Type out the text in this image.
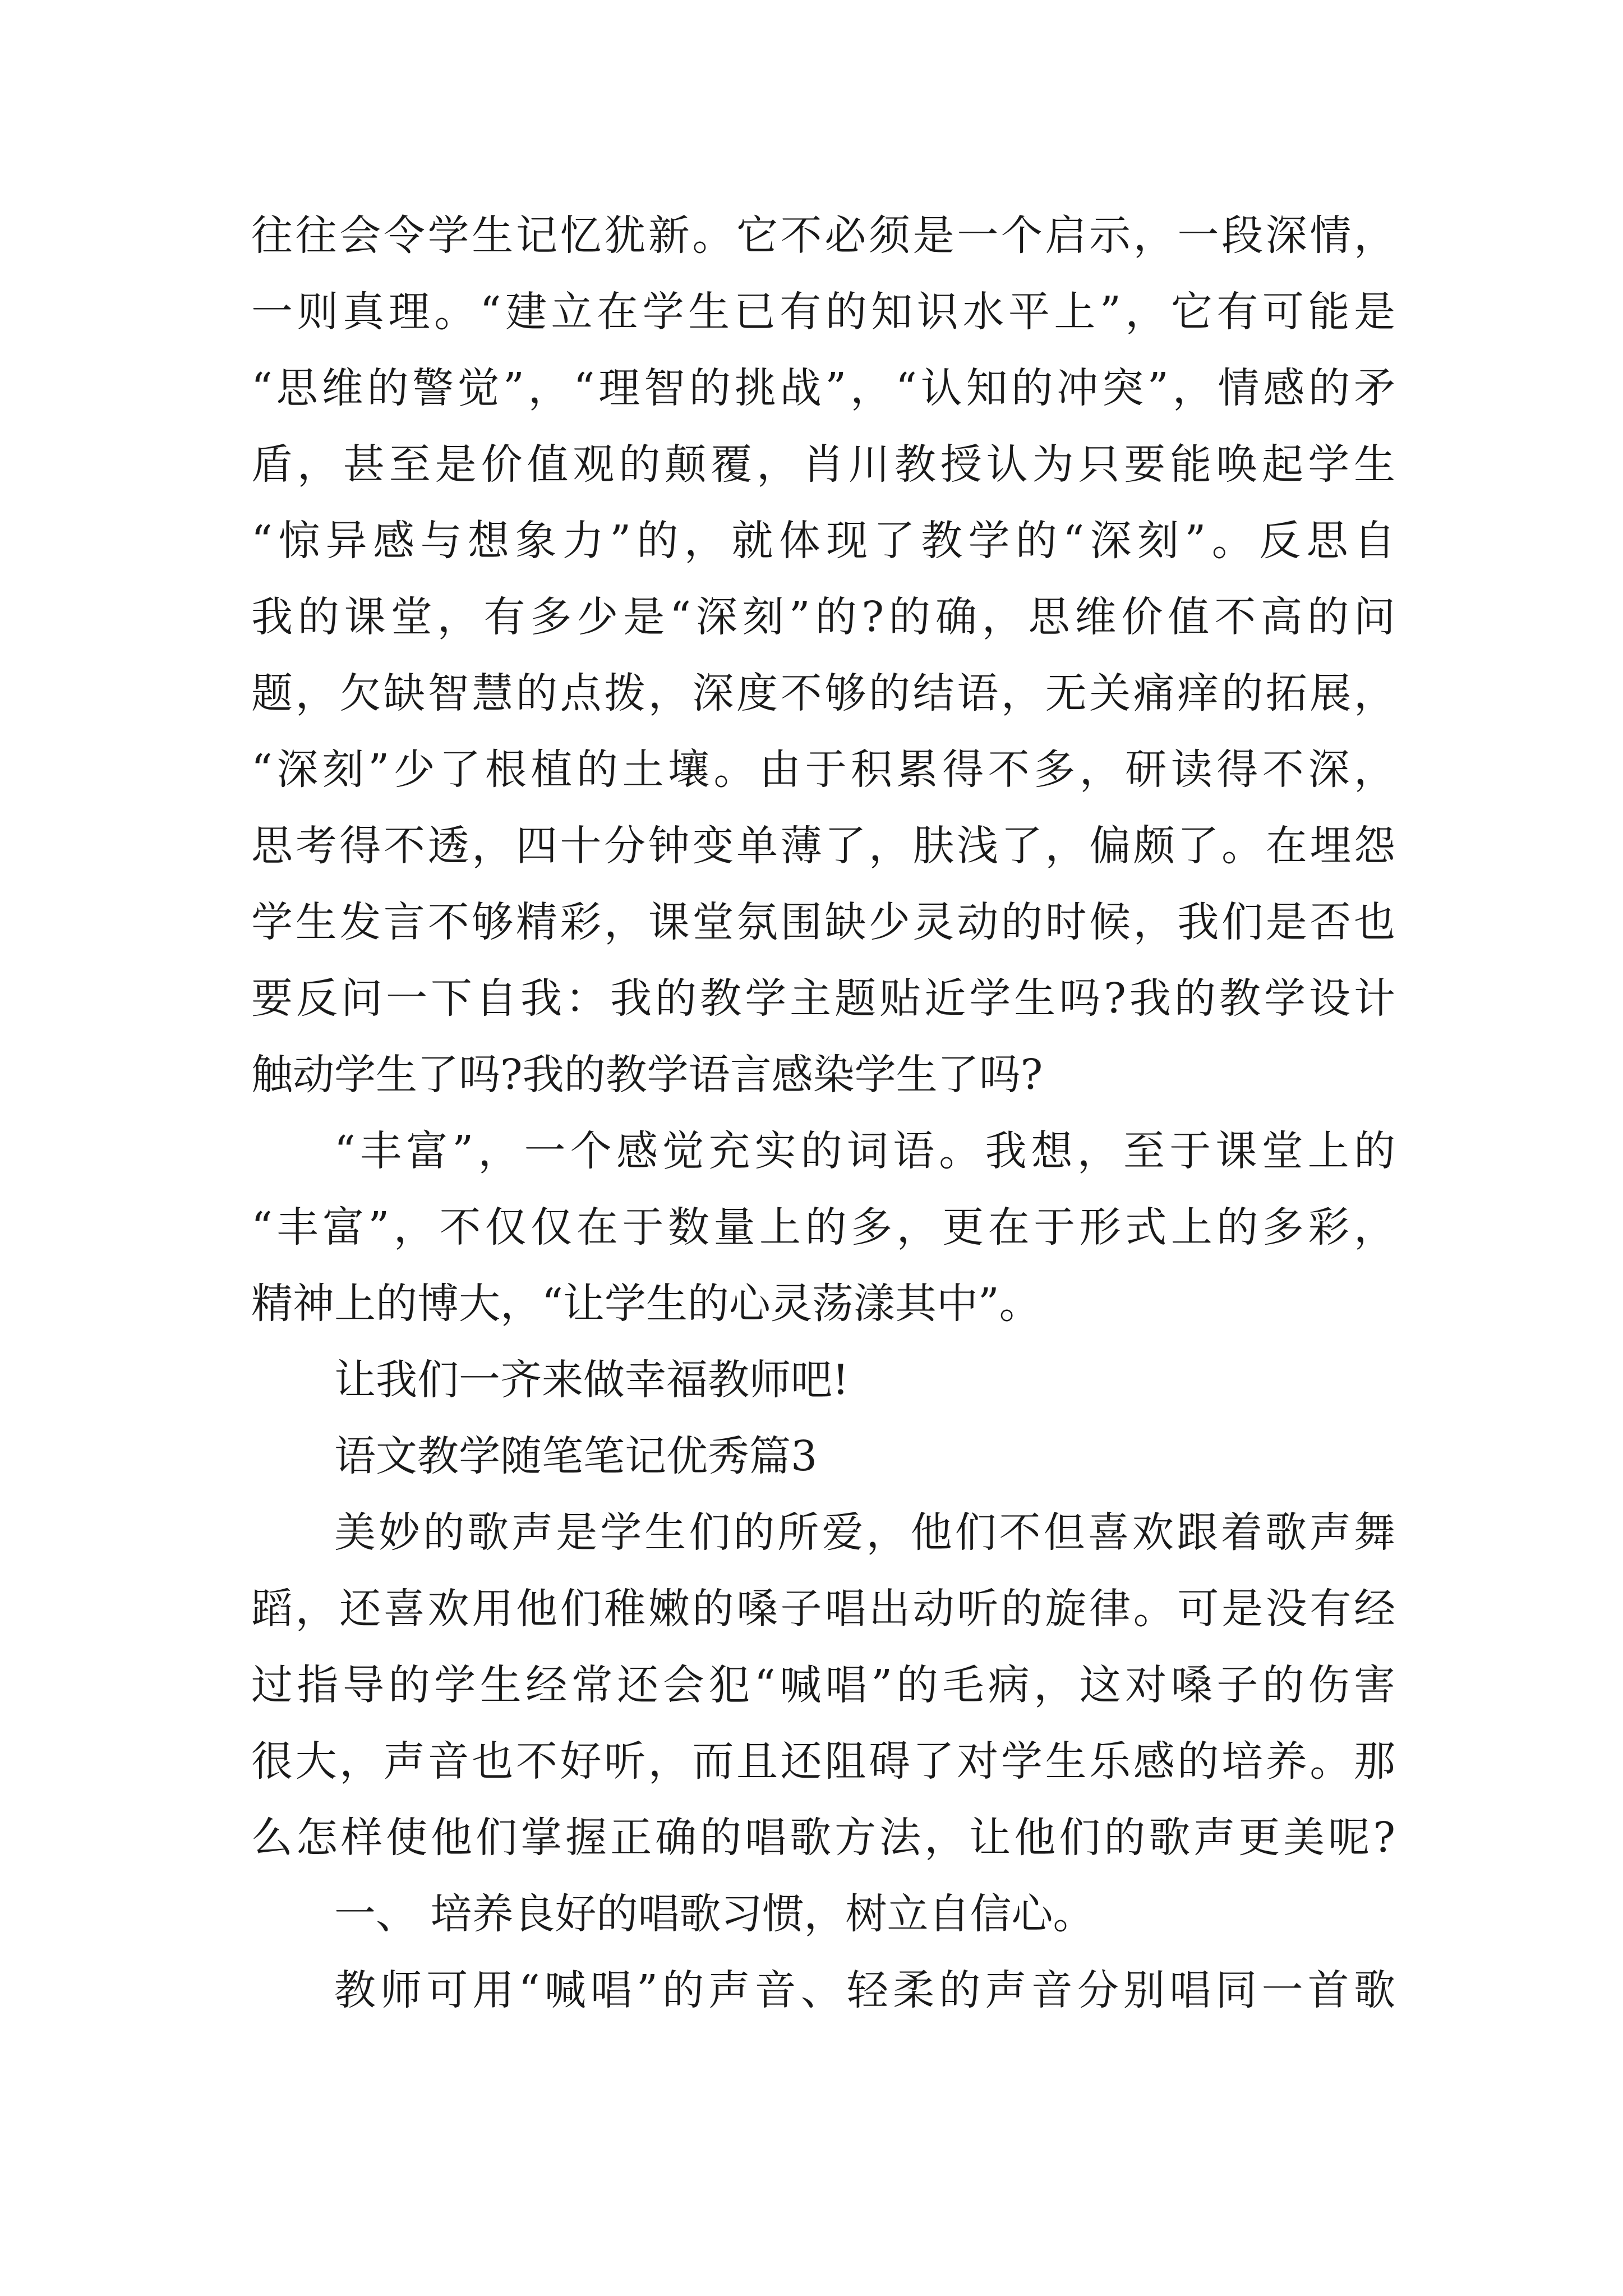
往往会令学生记忆犹新。它不必须是一个启示，一段深情，
一则真理。“建立在学生已有的知识水平上”，它有可能是
“思维的警觉”，“理智的挑战”，“认知的冲突”，情感的矛
盾，甚至是价值观的颠覆，肖川教授认为只要能唤起学生
“惊异感与想象力”的，就体现了教学的“深刻”。反思自
我的课堂，有多少是“深刻”的?的确，思维价值不高的问
题，欠缺智慧的点拨，深度不够的结语，无关痛痒的拓展，
“深刻”少了根植的土壤。由于积累得不多，研读得不深，
思考得不透，四十分钟变单薄了，肤浅了，偏颇了。在埋怨
学生发言不够精彩，课堂氛围缺少灵动的时候，我们是否也
要反问一下自我：我的教学主题贴近学生吗?我的教学设计
触动学生了吗?我的教学语言感染学生了吗?
“丰富”，一个感觉充实的词语。我想，至于课堂上的
“丰富”，不仅仅在于数量上的多，更在于形式上的多彩，
精神上的博大，“让学生的心灵荡漾其中”。
让我们一齐来做幸福教师吧!
语文教学随笔笔记优秀篇3
美妙的歌声是学生们的所爱，他们不但喜欢跟着歌声舞
蹈，还喜欢用他们稚嫩的嗓子唱出动听的旋律。可是没有经
过指导的学生经常还会犯“喊唱”的毛病，这对嗓子的伤害
很大，声音也不好听，而且还阻碍了对学生乐感的培养。那
么怎样使他们掌握正确的唱歌方法，让他们的歌声更美呢?
一、 培养良好的唱歌习惯，树立自信心。
教师可用“喊唱”的声音、轻柔的声音分别唱同一首歌
